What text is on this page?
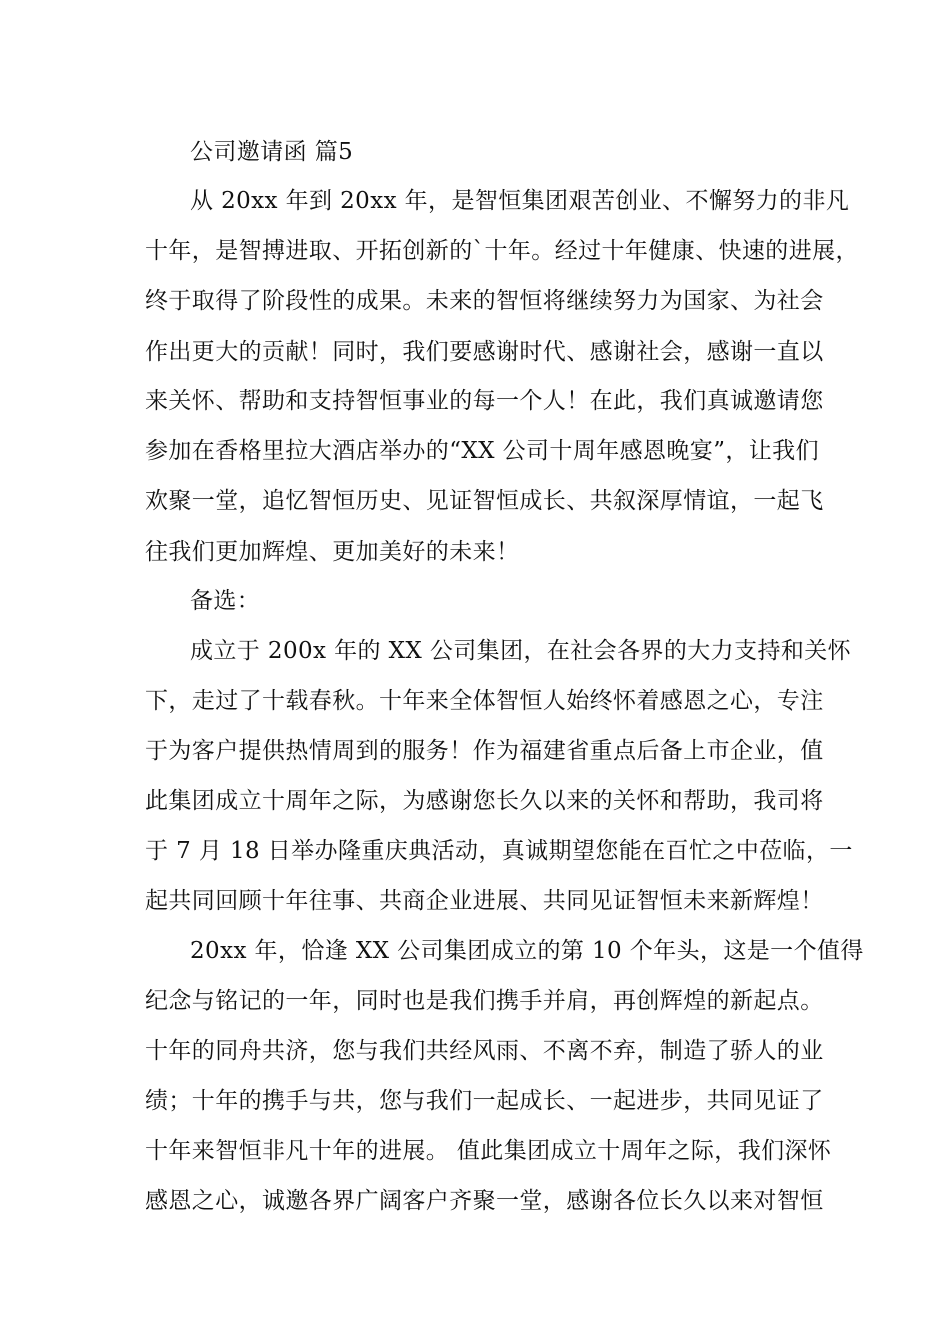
公司邀请函 篇5
从 20xx 年到 20xx 年，是智恒集团艰苦创业、不懈努力的非凡
十年，是智搏进取、开拓创新的`十年。经过十年健康、快速的进展，
终于取得了阶段性的成果。未来的智恒将继续努力为国家、为社会
作出更大的贡献！同时，我们要感谢时代、感谢社会，感谢一直以
来关怀、帮助和支持智恒事业的每一个人！在此，我们真诚邀请您
参加在香格里拉大酒店举办的“XX 公司十周年感恩晚宴”，让我们
欢聚一堂，追忆智恒历史、见证智恒成长、共叙深厚情谊，一起飞
往我们更加辉煌、更加美好的未来！
备选：
成立于 200x 年的 XX 公司集团，在社会各界的大力支持和关怀
下，走过了十载春秋。十年来全体智恒人始终怀着感恩之心，专注
于为客户提供热情周到的服务！作为福建省重点后备上市企业，值
此集团成立十周年之际，为感谢您长久以来的关怀和帮助，我司将
于 7 月 18 日举办隆重庆典活动，真诚期望您能在百忙之中莅临，一
起共同回顾十年往事、共商企业进展、共同见证智恒未来新辉煌！
20xx 年，恰逢 XX 公司集团成立的第 10 个年头，这是一个值得
纪念与铭记的一年，同时也是我们携手并肩，再创辉煌的新起点。
十年的同舟共济，您与我们共经风雨、不离不弃，制造了骄人的业
绩；十年的携手与共，您与我们一起成长、一起进步，共同见证了
十年来智恒非凡十年的进展。 值此集团成立十周年之际，我们深怀
感恩之心，诚邀各界广阔客户齐聚一堂，感谢各位长久以来对智恒
